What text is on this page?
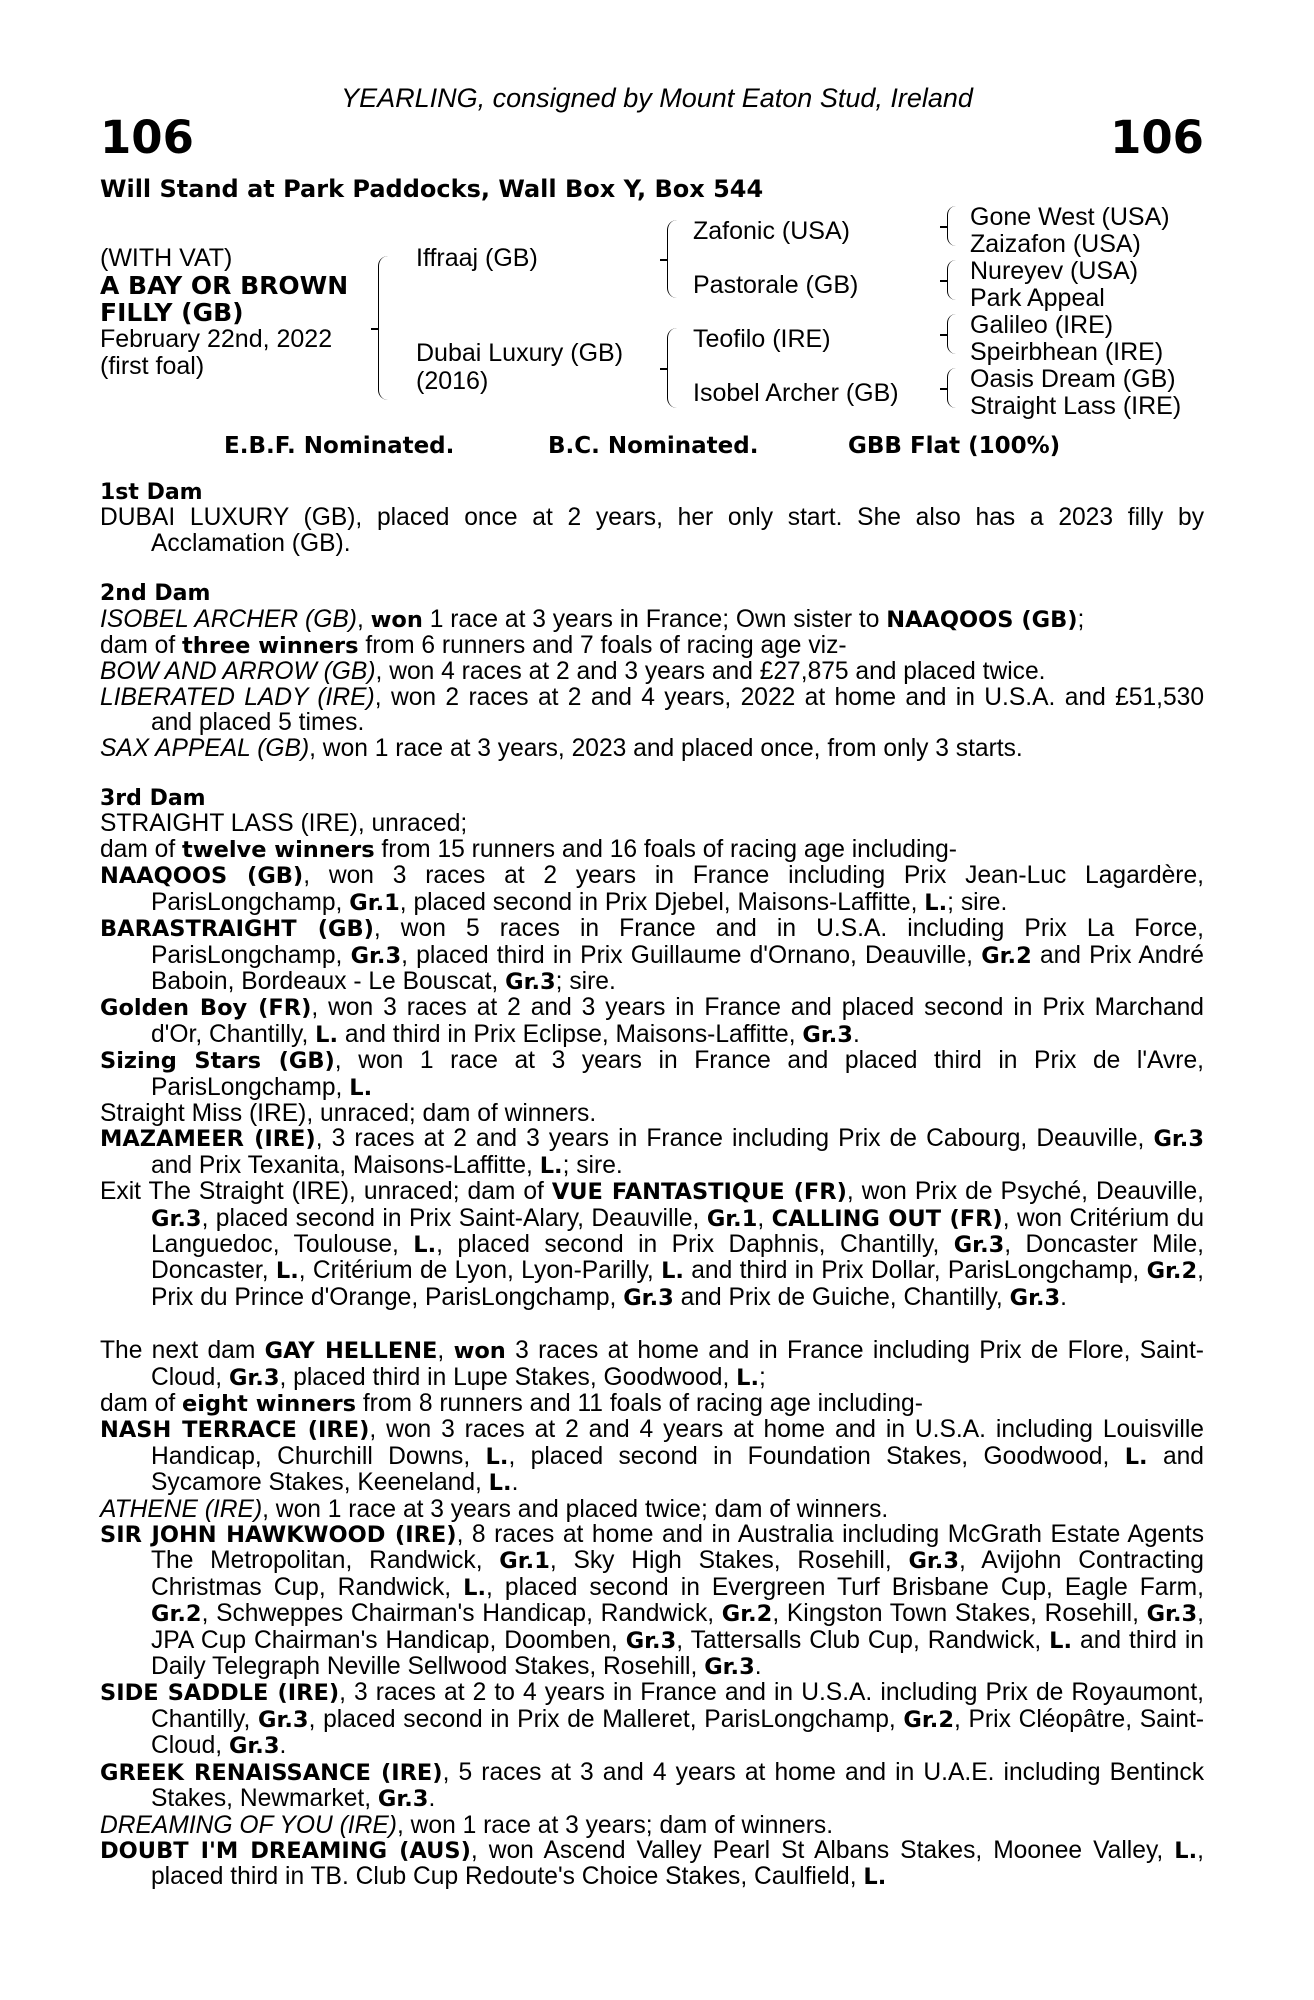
YEARLING, consigned by Mount Eaton Stud, Ireland
106	106
Will Stand at Park Paddocks, Wall Box Y, Box 544
(WITH VAT)
A BAY OR BROWN
FILLY (GB)
February 22nd, 2022
(first foal)
Iffraaj (GB)
Dubai Luxury (GB)
(2016)
Zafonic (USA)
Pastorale (GB)
Teofilo (IRE)
Isobel Archer (GB)
Gone West (USA)
Zaizafon (USA)
Nureyev (USA)
Park Appeal
Galileo (IRE)
Speirbhean (IRE)
Oasis Dream (GB)
Straight Lass (IRE)
E.B.F. Nominated.	B.C. Nominated.	GBB Flat (100%)

1st Dam

DUBAI LUXURY (GB), placed once at 2 years, her only start. She also has a 2023 filly by Acclamation (GB).

2nd Dam

ISOBEL ARCHER (GB), won 1 race at 3 years in France; Own sister to NAAQOOS (GB);

dam of three winners from 6 runners and 7 foals of racing age viz-

BOW AND ARROW (GB), won 4 races at 2 and 3 years and £27,875 and placed twice.

LIBERATED LADY (IRE), won 2 races at 2 and 4 years, 2022 at home and in U.S.A. and £51,530 and placed 5 times.

SAX APPEAL (GB), won 1 race at 3 years, 2023 and placed once, from only 3 starts.

3rd Dam

STRAIGHT LASS (IRE), unraced;

dam of twelve winners from 15 runners and 16 foals of racing age including-

NAAQOOS (GB), won 3 races at 2 years in France including Prix Jean-Luc Lagardère, ParisLongchamp, Gr.1, placed second in Prix Djebel, Maisons-Laffitte, L.; sire.

BARASTRAIGHT (GB), won 5 races in France and in U.S.A. including Prix La Force, ParisLongchamp, Gr.3, placed third in Prix Guillaume d'Ornano, Deauville, Gr.2 and Prix André Baboin, Bordeaux - Le Bouscat, Gr.3; sire.

Golden Boy (FR), won 3 races at 2 and 3 years in France and placed second in Prix Marchand d'Or, Chantilly, L. and third in Prix Eclipse, Maisons-Laffitte, Gr.3.

Sizing Stars (GB), won 1 race at 3 years in France and placed third in Prix de l'Avre, ParisLongchamp, L.

Straight Miss (IRE), unraced; dam of winners.

MAZAMEER (IRE), 3 races at 2 and 3 years in France including Prix de Cabourg, Deauville, Gr.3 and Prix Texanita, Maisons-Laffitte, L.; sire.

Exit The Straight (IRE), unraced; dam of VUE FANTASTIQUE (FR), won Prix de Psyché, Deauville, Gr.3, placed second in Prix Saint-Alary, Deauville, Gr.1, CALLING OUT (FR), won Critérium du Languedoc, Toulouse, L., placed second in Prix Daphnis, Chantilly, Gr.3, Doncaster Mile, Doncaster, L., Critérium de Lyon, Lyon-Parilly, L. and third in Prix Dollar, ParisLongchamp, Gr.2, Prix du Prince d'Orange, ParisLongchamp, Gr.3 and Prix de Guiche, Chantilly, Gr.3.

The next dam GAY HELLENE, won 3 races at home and in France including Prix de Flore, Saint-Cloud, Gr.3, placed third in Lupe Stakes, Goodwood, L.;

dam of eight winners from 8 runners and 11 foals of racing age including-

NASH TERRACE (IRE), won 3 races at 2 and 4 years at home and in U.S.A. including Louisville Handicap, Churchill Downs, L., placed second in Foundation Stakes, Goodwood, L. and Sycamore Stakes, Keeneland, L..

ATHENE (IRE), won 1 race at 3 years and placed twice; dam of winners.

SIR JOHN HAWKWOOD (IRE), 8 races at home and in Australia including McGrath Estate Agents The Metropolitan, Randwick, Gr.1, Sky High Stakes, Rosehill, Gr.3, Avijohn Contracting Christmas Cup, Randwick, L., placed second in Evergreen Turf Brisbane Cup, Eagle Farm, Gr.2, Schweppes Chairman's Handicap, Randwick, Gr.2, Kingston Town Stakes, Rosehill, Gr.3, JPA Cup Chairman's Handicap, Doomben, Gr.3, Tattersalls Club Cup, Randwick, L. and third in Daily Telegraph Neville Sellwood Stakes, Rosehill, Gr.3.

SIDE SADDLE (IRE), 3 races at 2 to 4 years in France and in U.S.A. including Prix de Royaumont, Chantilly, Gr.3, placed second in Prix de Malleret, ParisLongchamp, Gr.2, Prix Cléopâtre, Saint-Cloud, Gr.3.

GREEK RENAISSANCE (IRE), 5 races at 3 and 4 years at home and in U.A.E. including Bentinck Stakes, Newmarket, Gr.3.

DREAMING OF YOU (IRE), won 1 race at 3 years; dam of winners.

DOUBT I'M DREAMING (AUS), won Ascend Valley Pearl St Albans Stakes, Moonee Valley, L., placed third in TB. Club Cup Redoute's Choice Stakes, Caulfield, L.
